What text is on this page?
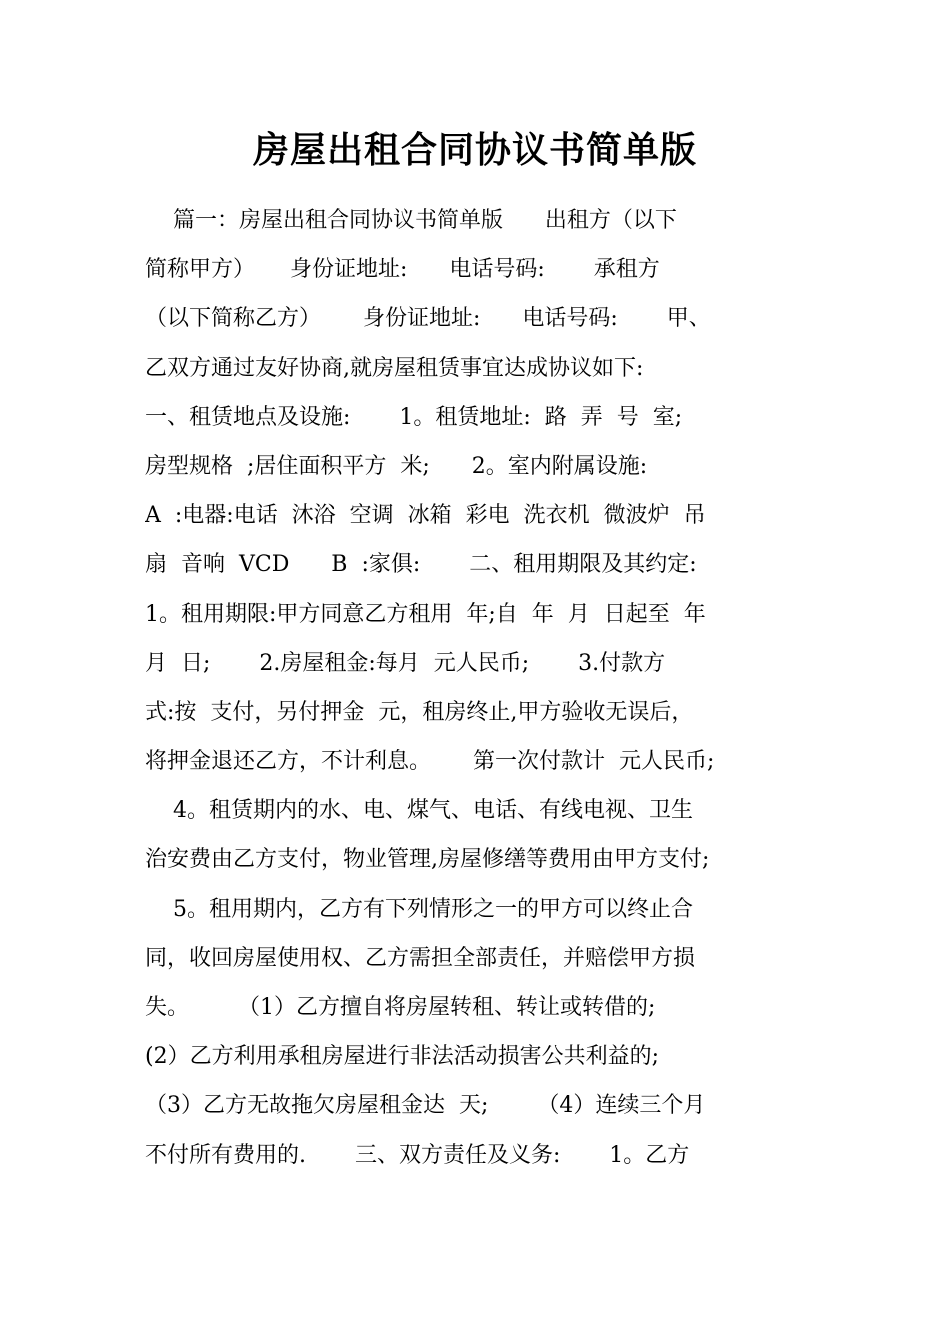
房屋出租合同协议书简单版
篇一：房屋出租合同协议书简单版      出租方（以下
简称甲方）     身份证地址:      电话号码:       承租方
（以下简称乙方）      身份证地址:      电话号码:       甲、
乙双方通过友好协商,就房屋租赁事宜达成协议如下:
一、租赁地点及设施:       1。租赁地址:  路  弄  号  室;
房型规格  ;居住面积平方  米;      2。室内附属设施:
A  :电器:电话  沐浴  空调  冰箱  彩电  洗衣机  微波炉  吊
扇  音响  VCD      B  :家俱:       二、租用期限及其约定:
1。租用期限:甲方同意乙方租用  年;自  年  月  日起至  年
月  日;       2.房屋租金:每月  元人民币;       3.付款方
式:按  支付，另付押金  元，租房终止,甲方验收无误后，
将押金退还乙方，不计利息。      第一次付款计  元人民币;
4。租赁期内的水、电、煤气、电话、有线电视、卫生
治安费由乙方支付，物业管理,房屋修缮等费用由甲方支付;
5。租用期内，乙方有下列情形之一的甲方可以终止合
同，收回房屋使用权、乙方需担全部责任，并赔偿甲方损
失。       （1）乙方擅自将房屋转租、转让或转借的;
(2）乙方利用承租房屋进行非法活动损害公共利益的;
（3）乙方无故拖欠房屋租金达  天;       （4）连续三个月
不付所有费用的.       三、双方责任及义务:       1。乙方
